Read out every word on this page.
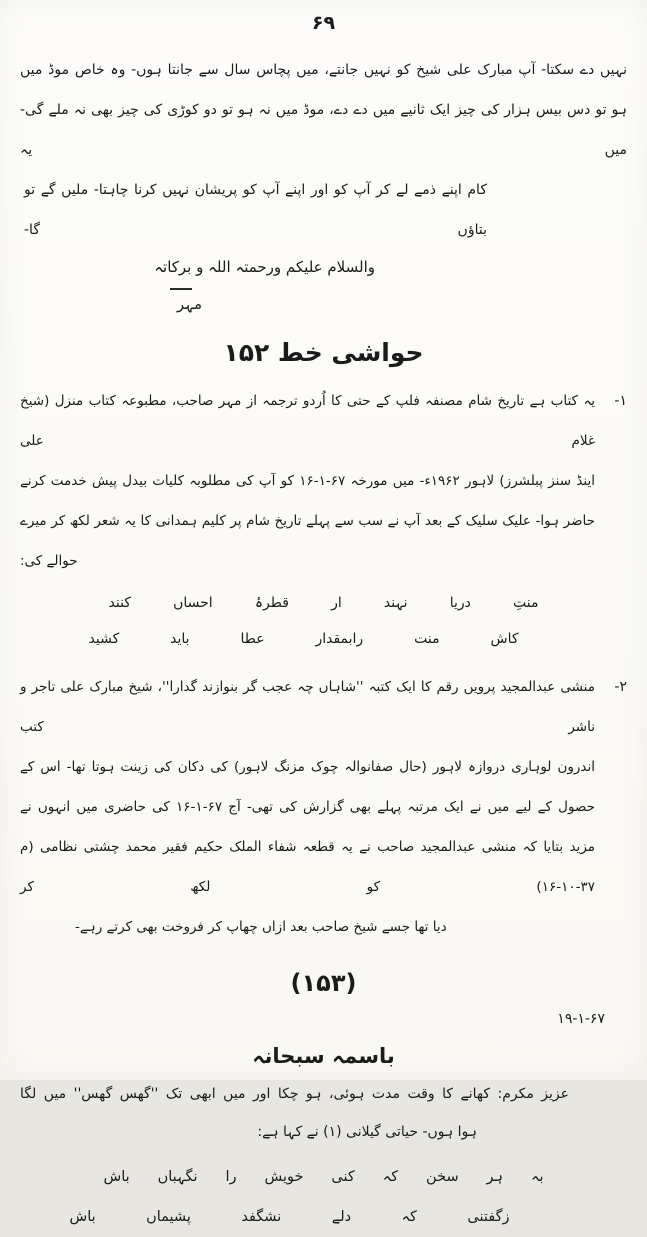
۶۹
نہیں دے سکتا- آپ مبارک علی شیخ کو نہیں جانتے، میں پچاس سال سے جانتا ہوں- وہ خاص موڈ میں
ہو تو دس بیس ہزار کی چیز ایک ثانیے میں دے دے، موڈ میں نہ ہو تو دو کوڑی کی چیز بھی نہ ملے گی- میں یہ
کام اپنے ذمے لے کر آپ کو اور اپنے آپ کو پریشان نہیں کرنا چاہتا- ملیں گے تو بتاؤں گا-
والسلام علیکم ورحمتہ اللہ و برکاتہ
مہر
حواشی خط ۱۵۲
۱-
یہ کتاب ہے تاریخ شام مصنفہ فلپ کے حتی کا اُردو ترجمہ از مہر صاحب، مطبوعہ کتاب منزل (شیخ غلام علی
اینڈ سنز پبلشرز) لاہور ۱۹۶۲ء- میں مورخہ ۶۷-۱-۱۶ کو آپ کی مطلوبہ کلیات بیدل پیش خدمت کرنے
حاضر ہوا- علیک سلیک کے بعد آپ نے سب سے پہلے تاریخ شام پر کلیم ہمدانی کا یہ شعر لکھ کر میرے
حوالے کی:
منتِ دریا نہند ار قطرۂ احساں کنند
کاش منت رابمقدار عطا باید کشید
۲-
منشی عبدالمجید پرویں رقم کا ایک کتبہ ''شاہاں چہ عجب گر بنوازند گدارا''، شیخ مبارک علی تاجر و ناشر کتب
اندرون لوہاری دروازہ لاہور (حال صفانوالہ چوک مزنگ لاہور) کی دکان کی زینت ہوتا تھا- اس کے
حصول کے لیے میں نے ایک مرتبہ پہلے بھی گزارش کی تھی- آج ۶۷-۱-۱۶ کی حاضری میں انہوں نے
مزید بتایا کہ منشی عبدالمجید صاحب نے یہ قطعہ شفاء الملک حکیم فقیر محمد چشتی نظامی (م ۳۷-۱۰-۱۶) کو لکھ کر
دیا تھا جسے شیخ صاحب بعد ازاں چھاپ کر فروخت بھی کرتے رہے-
(۱۵۳)
۱۹-۱-۶۷
باسمہ سبحانہ
عزیز مکرم: کھانے کا وقت مدت ہوئی، ہو چکا اور میں ابھی تک ''گھس گھس'' میں لگا
ہوا ہوں- حیاتی گیلانی (۱) نے کہا ہے:
بہ ہر سخن کہ کنی خویش را نگہباں باش
زگفتنی کہ دلے نشگفد پشیماں باش
